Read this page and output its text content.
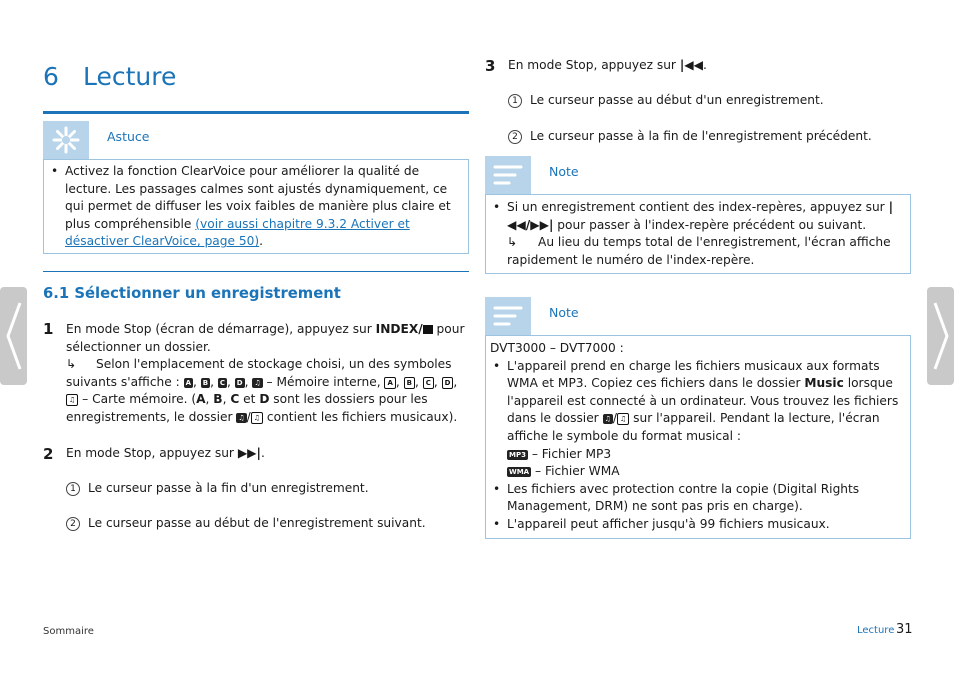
6 Lecture
Astuce
• Activez la fonction ClearVoice pour améliorer la qualité de lecture. Les passages calmes sont ajustés dynamiquement, ce qui permet de diffuser les voix faibles de manière plus claire et plus compréhensible (voir aussi chapitre 9.3.2 Activer et désactiver ClearVoice, page 50).
6.1 Sélectionner un enregistrement
1 En mode Stop (écran de démarrage), appuyez sur INDEX/ pour sélectionner un dossier.
↳ Selon l'emplacement de stockage choisi, un des symboles suivants s'affiche : A , B , C , D , ♫ – Mémoire interne, A , B , C , D , ♫ – Carte mémoire. (A, B, C et D sont les dossiers pour les enregistrements, le dossier ♫ / ♫ contient les fichiers musicaux).
2 En mode Stop, appuyez sur ▶▶|.
1 Le curseur passe à la fin d'un enregistrement.
2 Le curseur passe au début de l'enregistrement suivant.
3 En mode Stop, appuyez sur |◀◀.
1 Le curseur passe au début d'un enregistrement.
2 Le curseur passe à la fin de l'enregistrement précédent.
Note
• Si un enregistrement contient des index-repères, appuyez sur |◀◀/▶▶| pour passer à l'index-repère précédent ou suivant.
↳ Au lieu du temps total de l'enregistrement, l'écran affiche rapidement le numéro de l'index-repère.
Note
DVT3000 – DVT7000 :
• L'appareil prend en charge les fichiers musicaux aux formats WMA et MP3. Copiez ces fichiers dans le dossier Music lorsque l'appareil est connecté à un ordinateur. Vous trouvez les fichiers dans le dossier ♫ / ♫ sur l'appareil. Pendant la lecture, l'écran affiche le symbole du format musical :
MP3 – Fichier MP3
WMA – Fichier WMA
• Les fichiers avec protection contre la copie (Digital Rights Management, DRM) ne sont pas pris en charge).
• L'appareil peut afficher jusqu'à 99 fichiers musicaux.
Sommaire	Lecture 31
